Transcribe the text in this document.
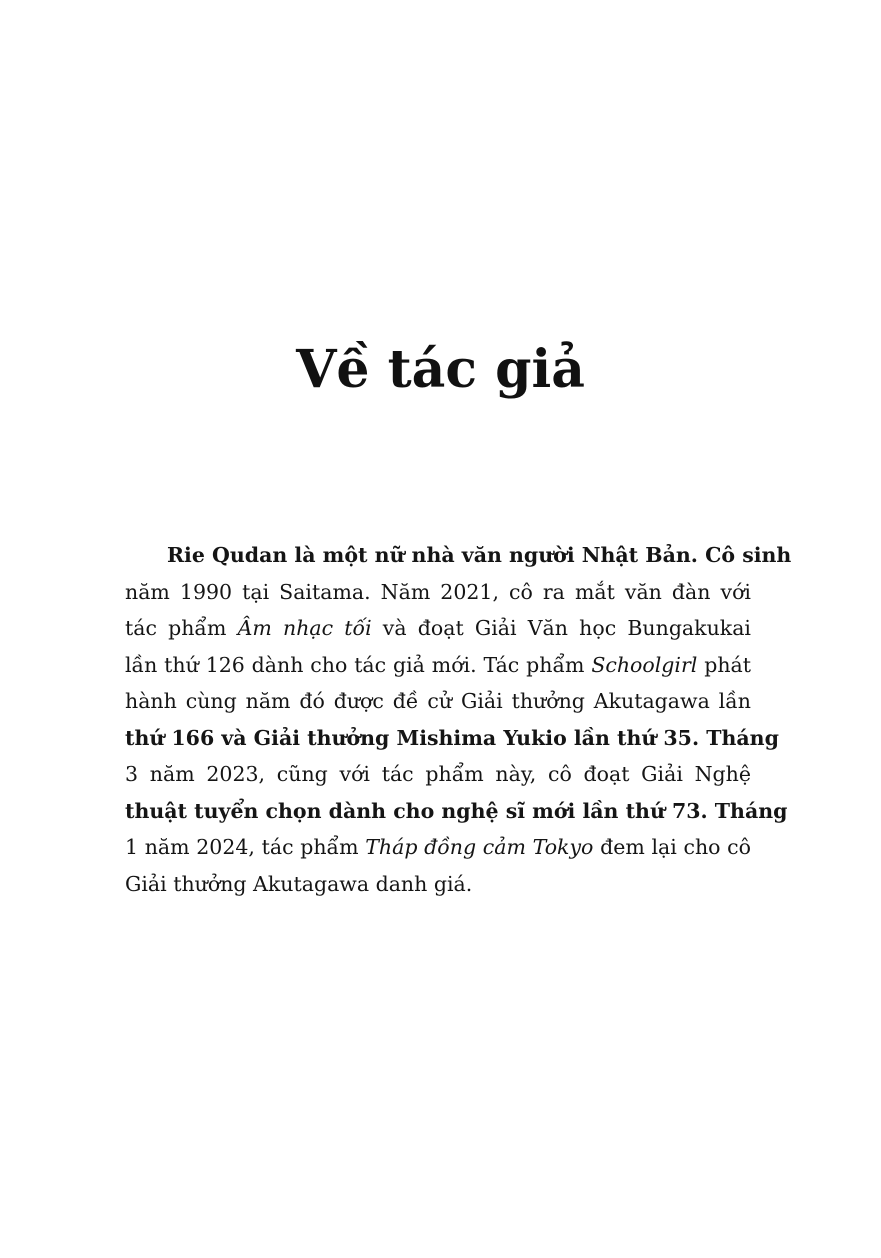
Về tác giả
Rie Qudan là một nữ nhà văn người Nhật Bản. Cô sinh
năm 1990 tại Saitama. Năm 2021, cô ra mắt văn đàn với
tác phẩm Âm nhạc tối và đoạt Giải Văn học Bungakukai
lần thứ 126 dành cho tác giả mới. Tác phẩm Schoolgirl phát
hành cùng năm đó được đề cử Giải thưởng Akutagawa lần
thứ 166 và Giải thưởng Mishima Yukio lần thứ 35. Tháng
3 năm 2023, cũng với tác phẩm này, cô đoạt Giải Nghệ
thuật tuyển chọn dành cho nghệ sĩ mới lần thứ 73. Tháng
1 năm 2024, tác phẩm Tháp đồng cảm Tokyo đem lại cho cô
Giải thưởng Akutagawa danh giá.
